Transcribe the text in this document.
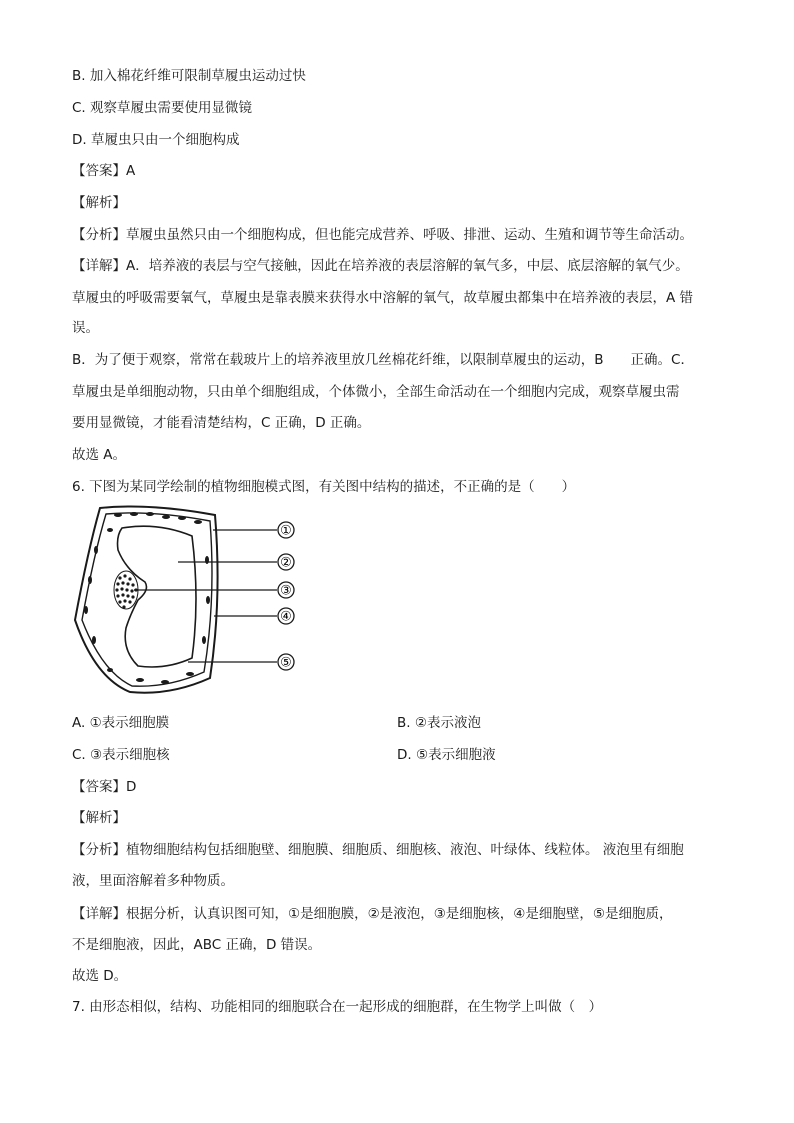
B. 加入棉花纤维可限制草履虫运动过快
C. 观察草履虫需要使用显微镜
D. 草履虫只由一个细胞构成
【答案】A
【解析】
【分析】草履虫虽然只由一个细胞构成，但也能完成营养、呼吸、排泄、运动、生殖和调节等生命活动。
【详解】A．培养液的表层与空气接触，因此在培养液的表层溶解的氧气多，中层、底层溶解的氧气少。
草履虫的呼吸需要氧气，草履虫是靠表膜来获得水中溶解的氧气，故草履虫都集中在培养液的表层，A 错
误。
B．为了便于观察，常常在载玻片上的培养液里放几丝棉花纤维，以限制草履虫的运动，B　　正确。C．
草履虫是单细胞动物，只由单个细胞组成，个体微小，全部生命活动在一个细胞内完成，观察草履虫需
要用显微镜，才能看清楚结构，C 正确，D 正确。
故选 A。
6. 下图为某同学绘制的植物细胞模式图，有关图中结构的描述，不正确的是（　　）
①
②
③
④
⑤
A. ①表示细胞膜	B. ②表示液泡
C. ③表示细胞核	D. ⑤表示细胞液
【答案】D
【解析】
【分析】植物细胞结构包括细胞壁、细胞膜、细胞质、细胞核、液泡、叶绿体、线粒体。 液泡里有细胞
液，里面溶解着多种物质。
【详解】根据分析，认真识图可知，①是细胞膜，②是液泡，③是细胞核，④是细胞壁，⑤是细胞质，
不是细胞液，因此，ABC 正确，D 错误。
故选 D。
7. 由形态相似，结构、功能相同的细胞联合在一起形成的细胞群，在生物学上叫做（　）
